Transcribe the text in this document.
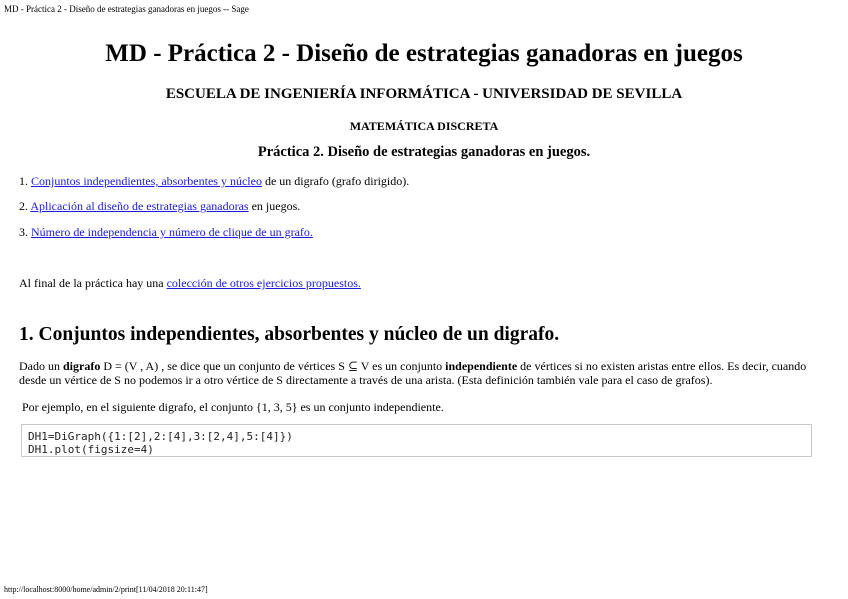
MD - Práctica 2 - Diseño de estrategias ganadoras en juegos -- Sage
MD - Práctica 2 - Diseño de estrategias ganadoras en juegos
ESCUELA DE INGENIERÍA INFORMÁTICA - UNIVERSIDAD DE SEVILLA
MATEMÁTICA DISCRETA
Práctica 2. Diseño de estrategias ganadoras en juegos.
1. Conjuntos independientes, absorbentes y núcleo de un digrafo (grafo dirigido).
2. Aplicación al diseño de estrategias ganadoras en juegos.
3. Número de independencia y número de clique de un grafo.
Al final de la práctica hay una colección de otros ejercicios propuestos.
1. Conjuntos independientes, absorbentes y núcleo de un digrafo.
Dado un digrafo D = (V , A) , se dice que un conjunto de vértices S ⊆ V es un conjunto independiente de vértices si no existen aristas entre ellos. Es decir, cuando desde un vértice de S no podemos ir a otro vértice de S directamente a través de una arista. (Esta definición también vale para el caso de grafos).
Por ejemplo, en el siguiente digrafo, el conjunto {1, 3, 5} es un conjunto independiente.
DH1=DiGraph({1:[2],2:[4],3:[2,4],5:[4]})
DH1.plot(figsize=4)
http://localhost:8000/home/admin/2/print[11/04/2018 20:11:47]
